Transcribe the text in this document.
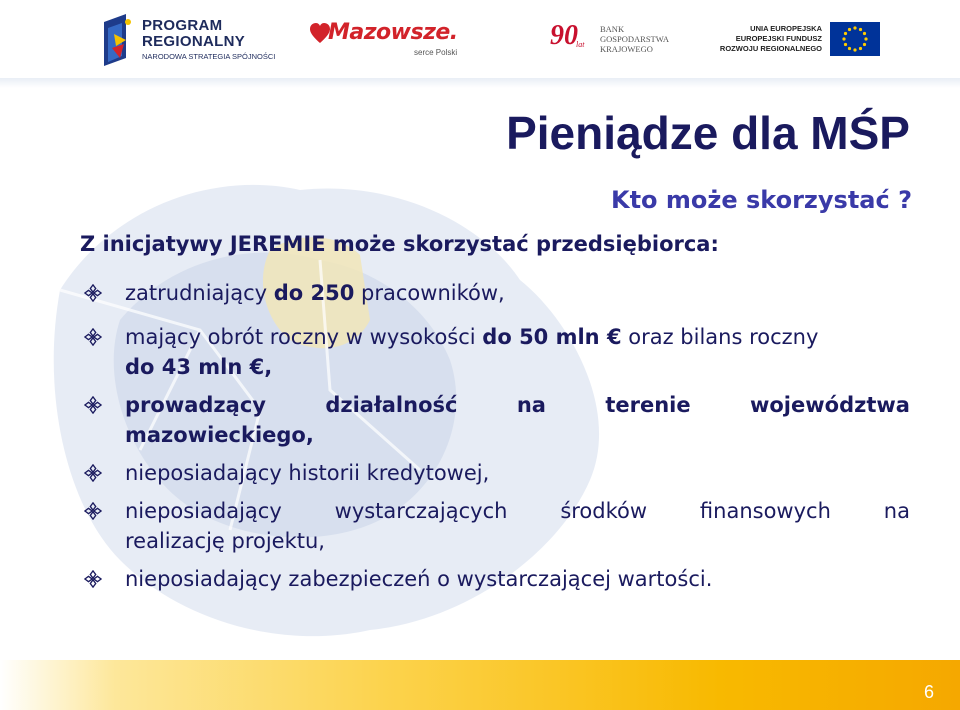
PROGRAM
REGIONALNY
NARODOWA STRATEGIA SPÓJNOŚCI
Mazowsze.
serce Polski
90
lat
BANK
GOSPODARSTWA
KRAJOWEGO
UNIA EUROPEJSKA
EUROPEJSKI FUNDUSZ
ROZWOJU REGIONALNEGO
Pieniądze dla MŚP
Kto może skorzystać ?

Z inicjatywy JEREMIE może skorzystać przedsiębiorca:

zatrudniający do 250 pracowników,
mający obrót roczny w wysokości do 50 mln € oraz bilans roczny
do 43 mln €,
prowadzący	działalność	na	terenie	województwa
mazowieckiego,
nieposiadający historii kredytowej,
nieposiadający	wystarczających	środków	finansowych	na
realizację projektu,
nieposiadający zabezpieczeń o wystarczającej wartości.
6
